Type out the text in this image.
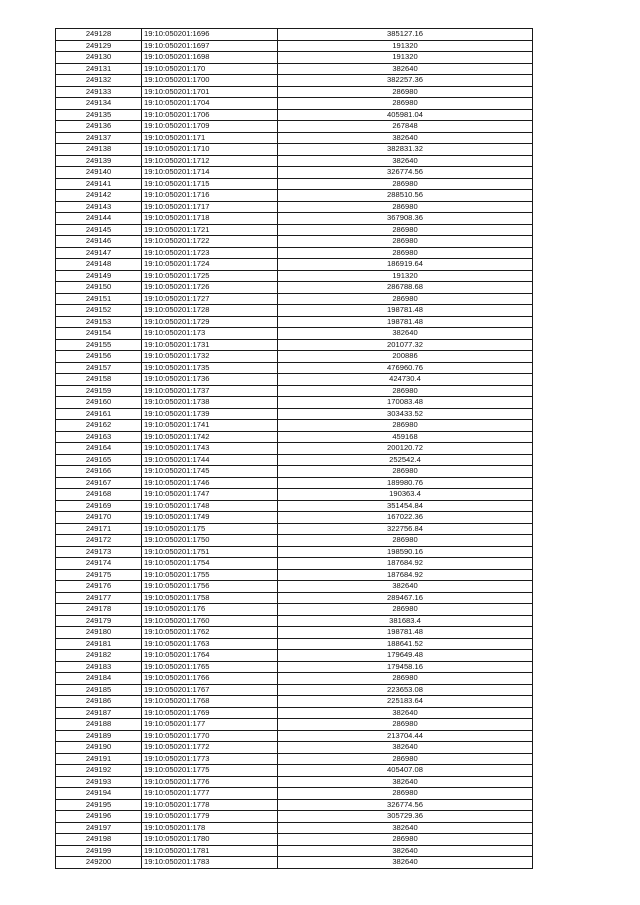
249128	19:10:050201:1696	385127.16
249129	19:10:050201:1697	191320
249130	19:10:050201:1698	191320
249131	19:10:050201:170	382640
249132	19:10:050201:1700	382257.36
249133	19:10:050201:1701	286980
249134	19:10:050201:1704	286980
249135	19:10:050201:1706	405981.04
249136	19:10:050201:1709	267848
249137	19:10:050201:171	382640
249138	19:10:050201:1710	382831.32
249139	19:10:050201:1712	382640
249140	19:10:050201:1714	326774.56
249141	19:10:050201:1715	286980
249142	19:10:050201:1716	288510.56
249143	19:10:050201:1717	286980
249144	19:10:050201:1718	367908.36
249145	19:10:050201:1721	286980
249146	19:10:050201:1722	286980
249147	19:10:050201:1723	286980
249148	19:10:050201:1724	186919.64
249149	19:10:050201:1725	191320
249150	19:10:050201:1726	286788.68
249151	19:10:050201:1727	286980
249152	19:10:050201:1728	198781.48
249153	19:10:050201:1729	198781.48
249154	19:10:050201:173	382640
249155	19:10:050201:1731	201077.32
249156	19:10:050201:1732	200886
249157	19:10:050201:1735	476960.76
249158	19:10:050201:1736	424730.4
249159	19:10:050201:1737	286980
249160	19:10:050201:1738	170083.48
249161	19:10:050201:1739	303433.52
249162	19:10:050201:1741	286980
249163	19:10:050201:1742	459168
249164	19:10:050201:1743	200120.72
249165	19:10:050201:1744	252542.4
249166	19:10:050201:1745	286980
249167	19:10:050201:1746	189980.76
249168	19:10:050201:1747	190363.4
249169	19:10:050201:1748	351454.84
249170	19:10:050201:1749	167022.36
249171	19:10:050201:175	322756.84
249172	19:10:050201:1750	286980
249173	19:10:050201:1751	198590.16
249174	19:10:050201:1754	187684.92
249175	19:10:050201:1755	187684.92
249176	19:10:050201:1756	382640
249177	19:10:050201:1758	289467.16
249178	19:10:050201:176	286980
249179	19:10:050201:1760	381683.4
249180	19:10:050201:1762	198781.48
249181	19:10:050201:1763	188641.52
249182	19:10:050201:1764	179649.48
249183	19:10:050201:1765	179458.16
249184	19:10:050201:1766	286980
249185	19:10:050201:1767	223653.08
249186	19:10:050201:1768	225183.64
249187	19:10:050201:1769	382640
249188	19:10:050201:177	286980
249189	19:10:050201:1770	213704.44
249190	19:10:050201:1772	382640
249191	19:10:050201:1773	286980
249192	19:10:050201:1775	405407.08
249193	19:10:050201:1776	382640
249194	19:10:050201:1777	286980
249195	19:10:050201:1778	326774.56
249196	19:10:050201:1779	305729.36
249197	19:10:050201:178	382640
249198	19:10:050201:1780	286980
249199	19:10:050201:1781	382640
249200	19:10:050201:1783	382640
